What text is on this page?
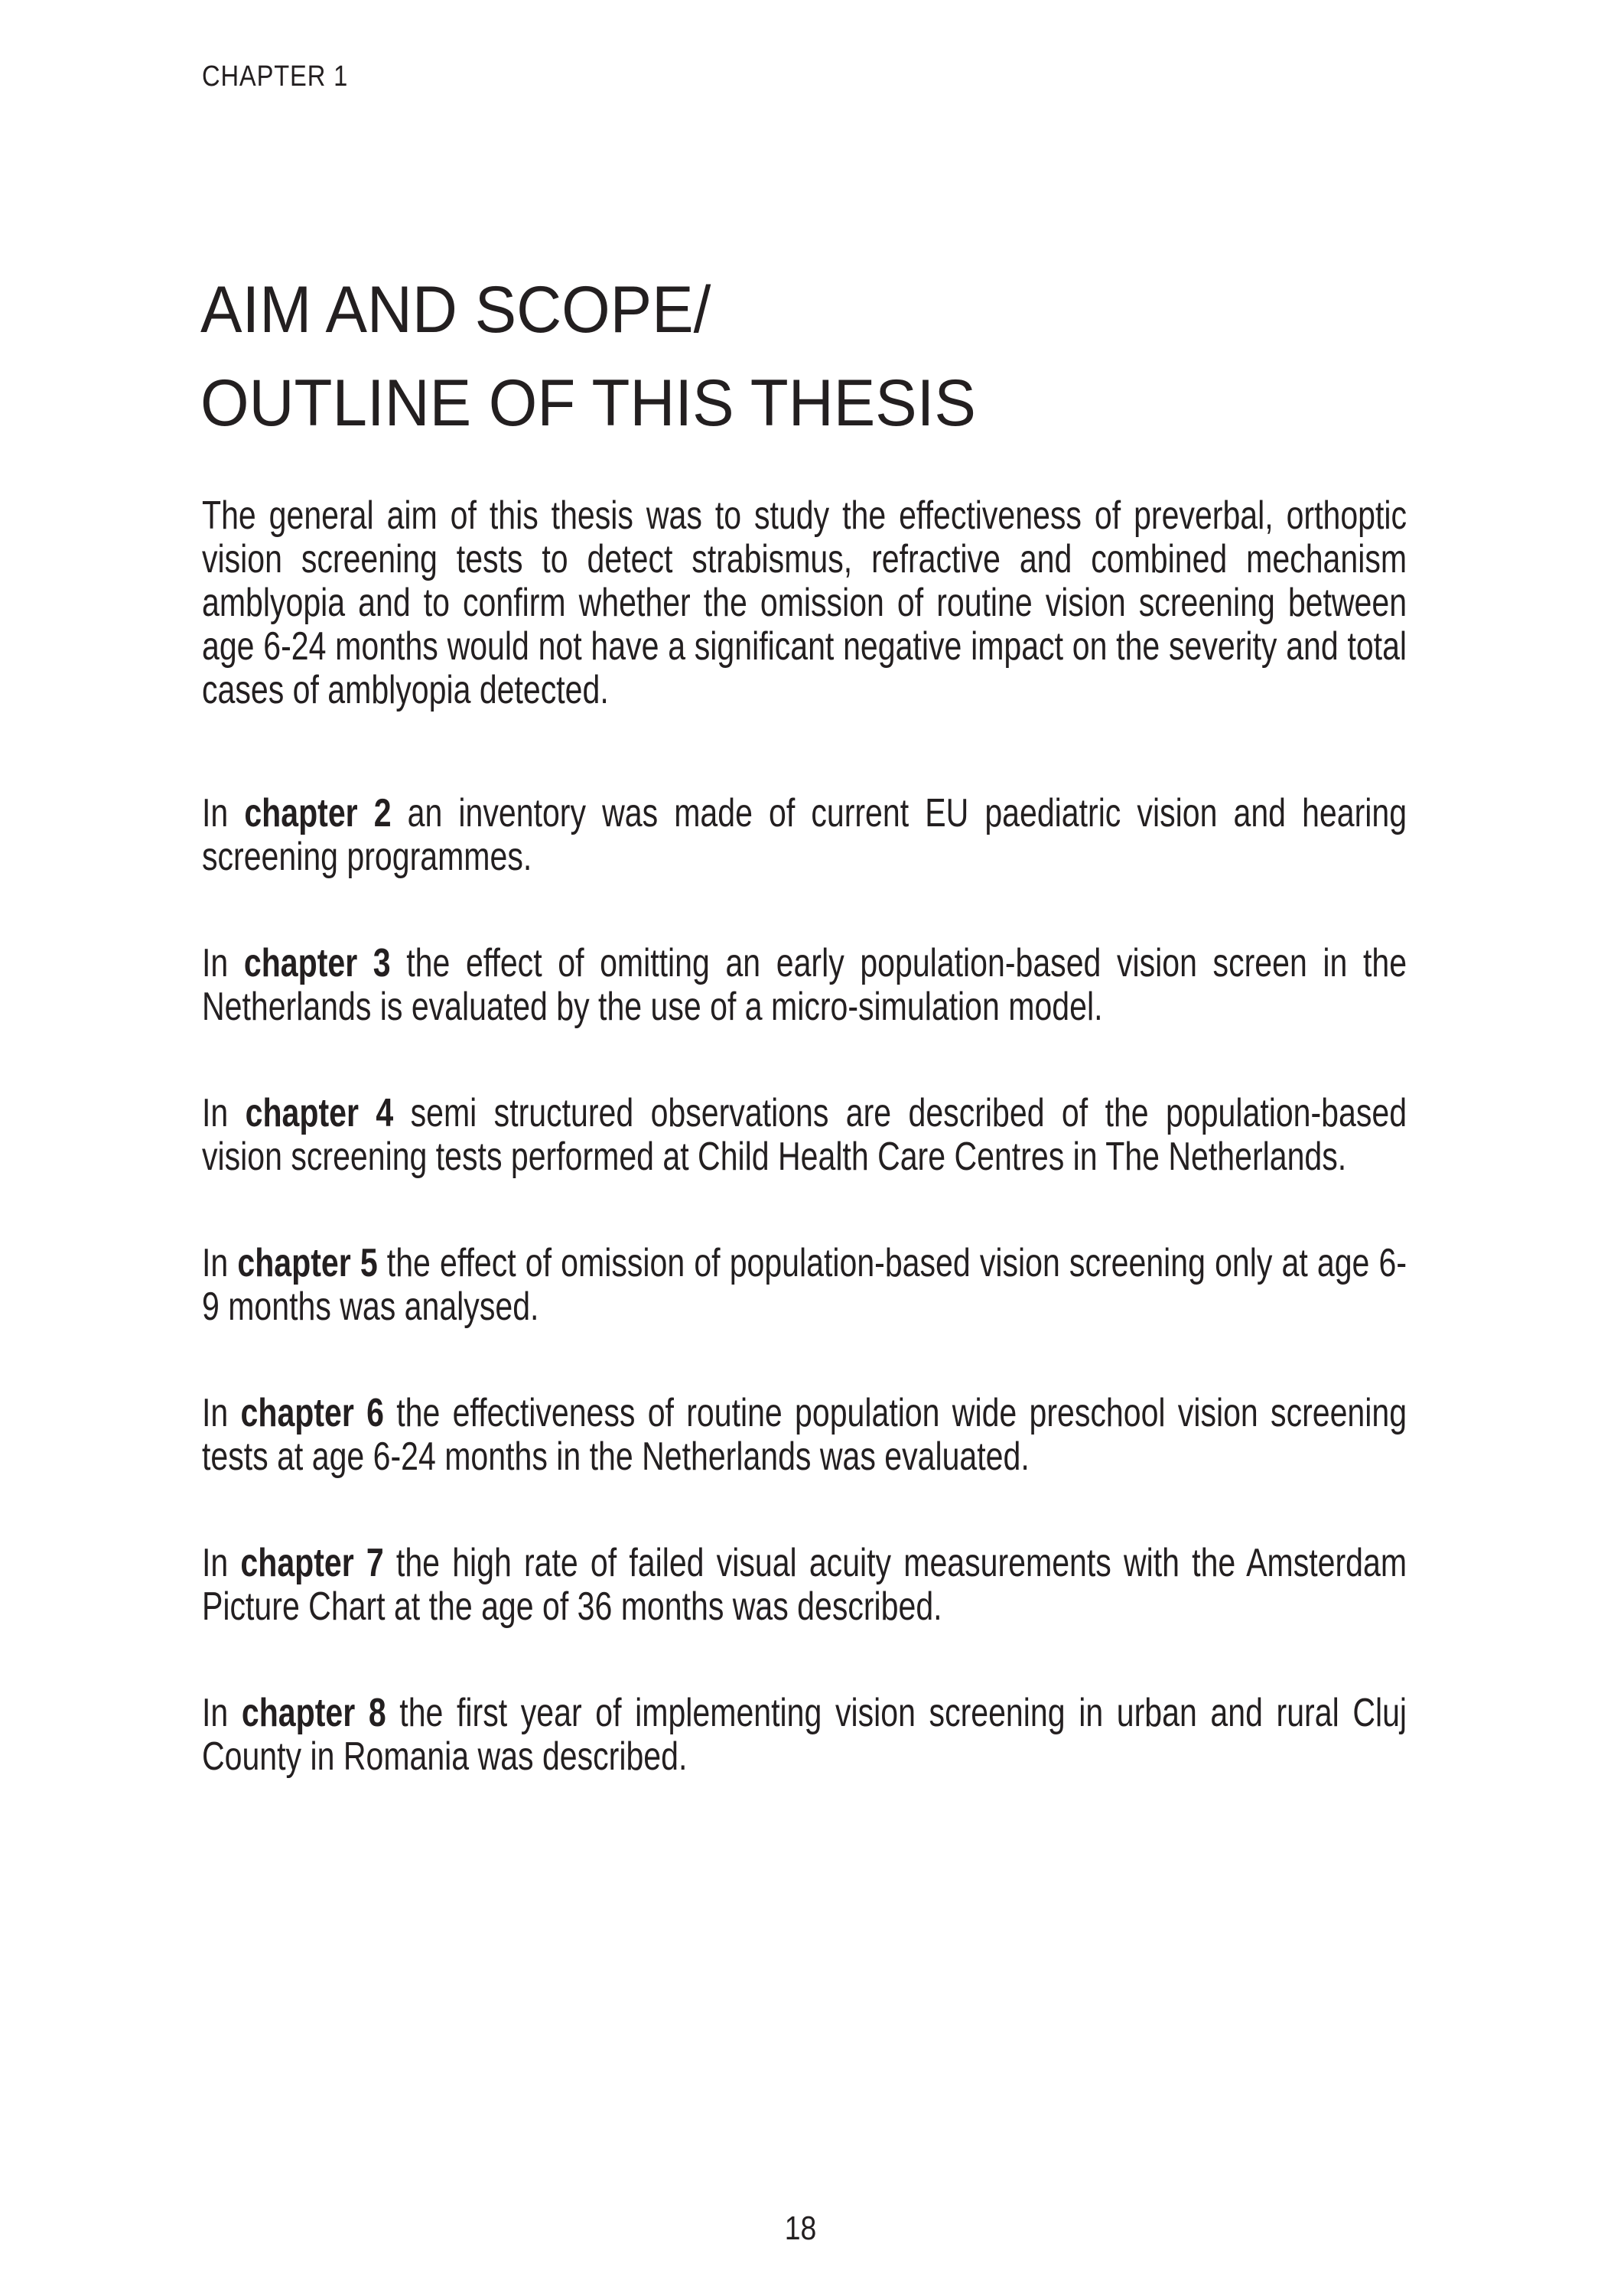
CHAPTER 1
AIM AND SCOPE/
OUTLINE OF THIS THESIS

The general aim of this thesis was to study the effectiveness of preverbal, orthoptic vision screening tests to detect strabismus, refractive and combined mechanism amblyopia and to confirm whether the omission of routine vision screening between age 6-24 months would not have a significant negative impact on the severity and total cases of amblyopia detected.

In chapter 2 an inventory was made of current EU paediatric vision and hearing screening programmes.

In chapter 3 the effect of omitting an early population-based vision screen in the Netherlands is evaluated by the use of a micro-simulation model.

In chapter 4 semi structured observations are described of the population-based vision screening tests performed at Child Health Care Centres in The Netherlands.

In chapter 5 the effect of omission of population-based vision screening only at age 6-9 months was analysed.

In chapter 6 the effectiveness of routine population wide preschool vision screening tests at age 6-24 months in the Netherlands was evaluated.

In chapter 7 the high rate of failed visual acuity measurements with the Amsterdam Picture Chart at the age of 36 months was described.

In chapter 8 the first year of implementing vision screening in urban and rural Cluj County in Romania was described.

18
